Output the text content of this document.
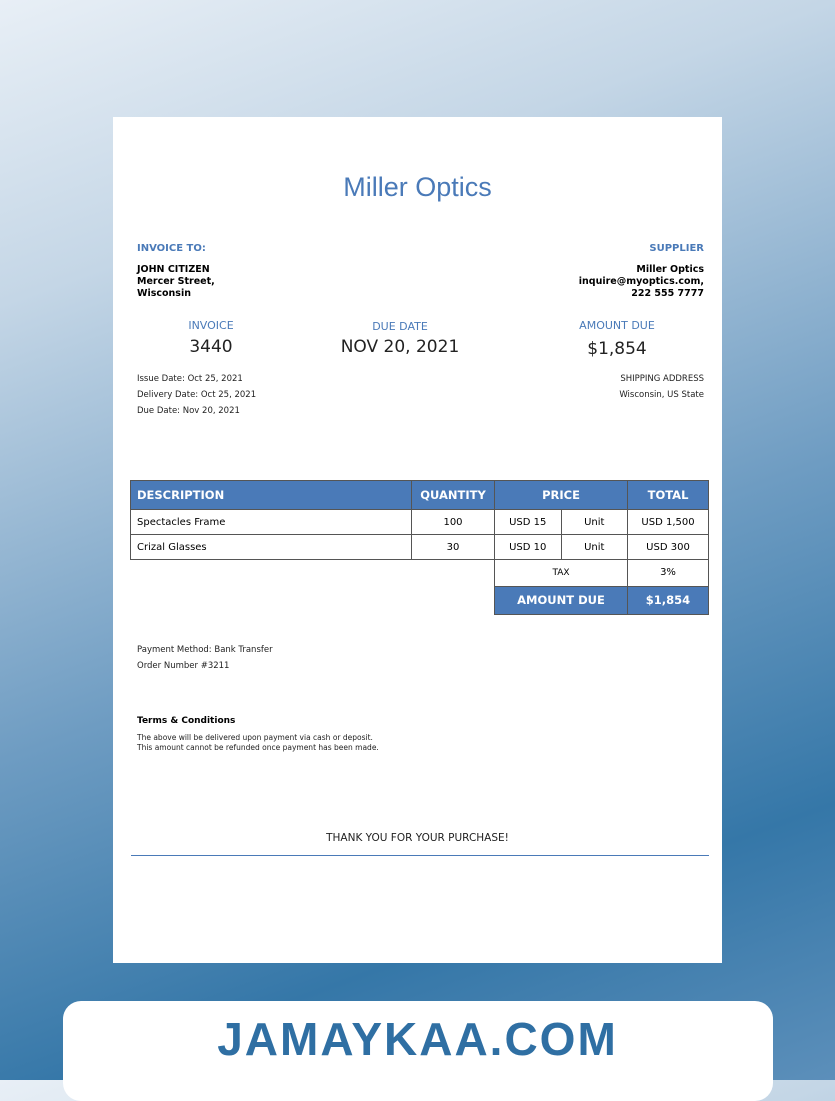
Miller Optics
INVOICE TO:
JOHN CITIZEN
Mercer Street,
Wisconsin
SUPPLIER
Miller Optics
inquire@myoptics.com,
222 555 7777
INVOICE
3440
DUE DATE
NOV 20, 2021
AMOUNT DUE
$1,854
Issue Date: Oct 25, 2021
Delivery Date: Oct 25, 2021
Due Date: Nov 20, 2021
SHIPPING ADDRESS
Wisconsin, US State
DESCRIPTION	QUANTITY	PRICE		TOTAL
Spectacles Frame	100	USD 15	Unit	USD 1,500
Crizal Glasses	30	USD 10	Unit	USD 300
		TAX		3%
		AMOUNT DUE		$1,854
Payment Method: Bank Transfer
Order Number #3211
Terms & Conditions
The above will be delivered upon payment via cash or deposit.
This amount cannot be refunded once payment has been made.
THANK YOU FOR YOUR PURCHASE!
JAMAYKAA.COM
